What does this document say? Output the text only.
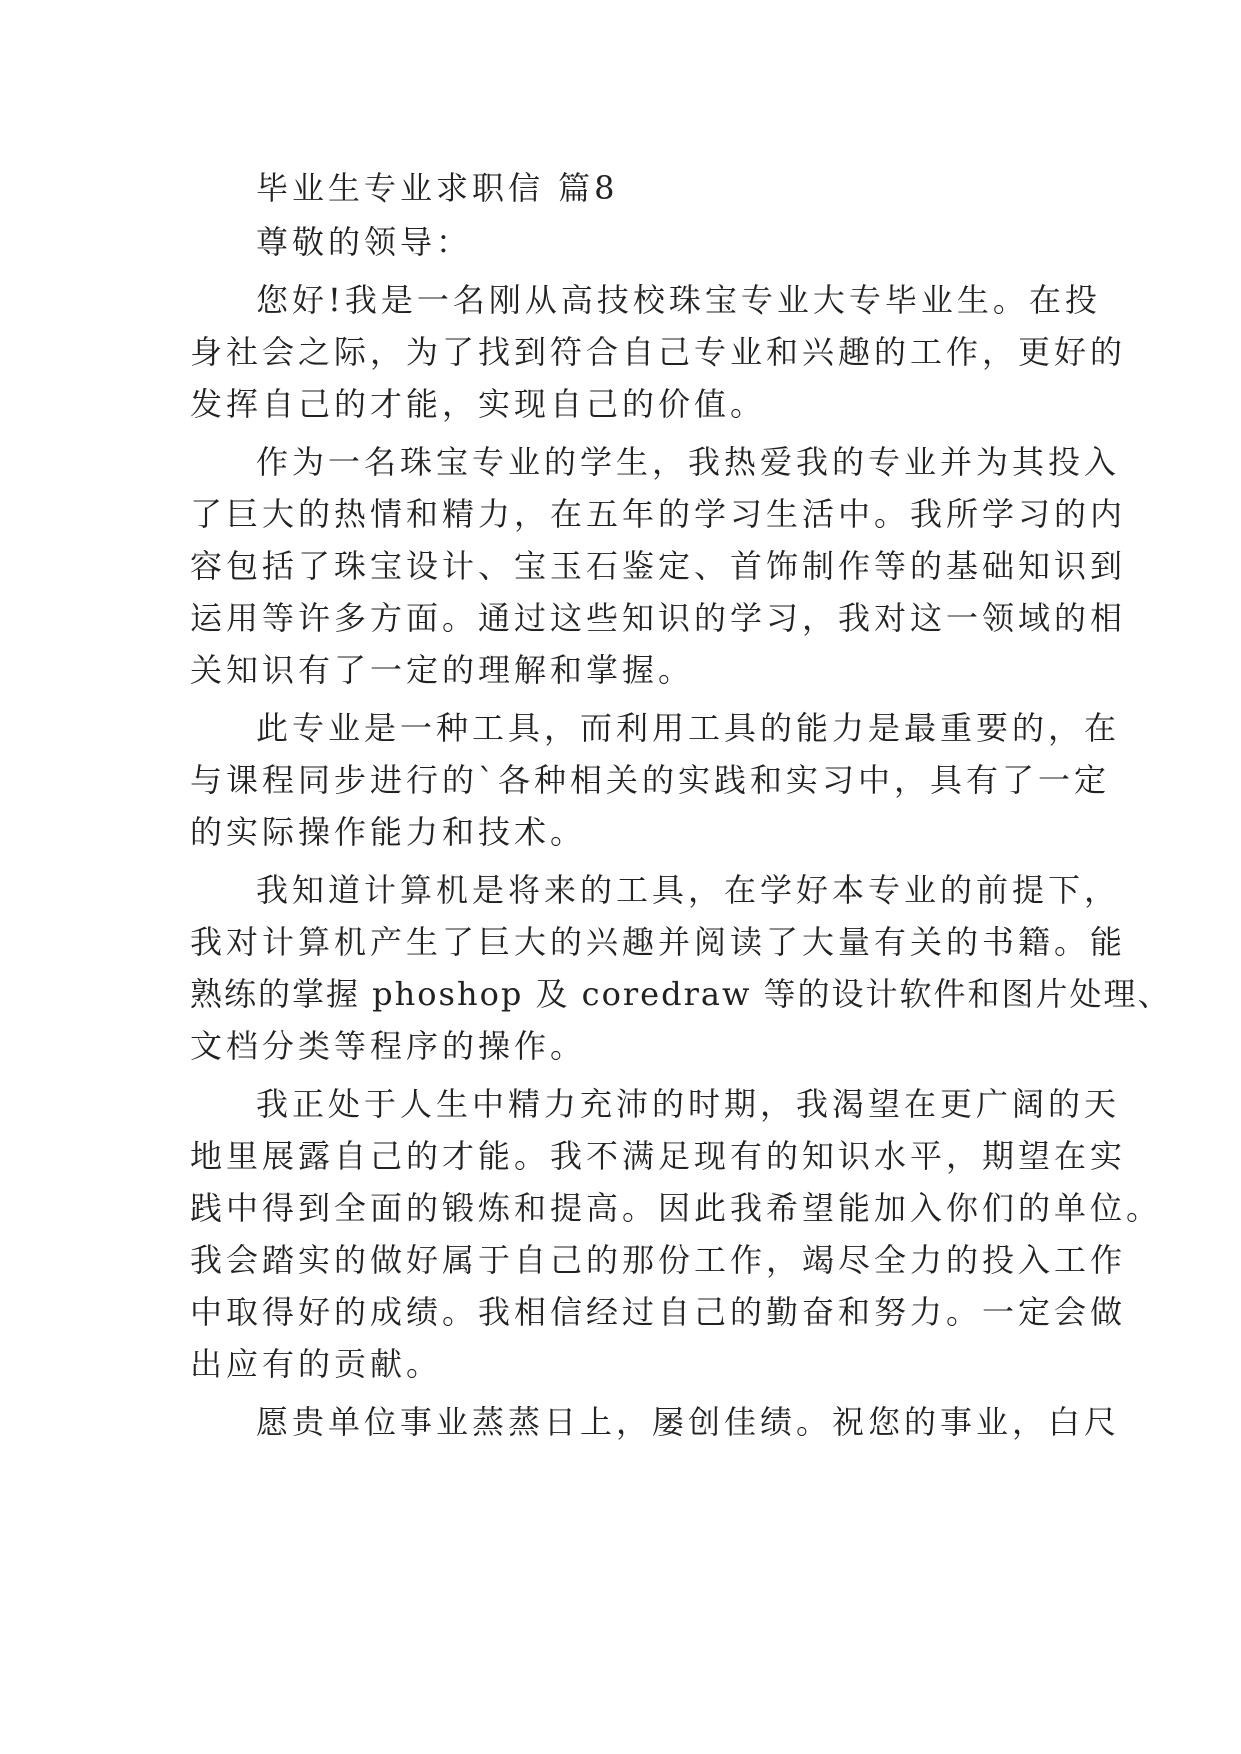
毕业生专业求职信 篇8
尊敬的领导：
您好!我是一名刚从高技校珠宝专业大专毕业生。在投
身社会之际，为了找到符合自己专业和兴趣的工作，更好的
发挥自己的才能，实现自己的价值。
作为一名珠宝专业的学生，我热爱我的专业并为其投入
了巨大的热情和精力，在五年的学习生活中。我所学习的内
容包括了珠宝设计、宝玉石鉴定、首饰制作等的基础知识到
运用等许多方面。通过这些知识的学习，我对这一领域的相
关知识有了一定的理解和掌握。
此专业是一种工具，而利用工具的能力是最重要的，在
与课程同步进行的`各种相关的实践和实习中，具有了一定
的实际操作能力和技术。
我知道计算机是将来的工具，在学好本专业的前提下，
我对计算机产生了巨大的兴趣并阅读了大量有关的书籍。能
熟练的掌握 phoshop 及 coredraw 等的设计软件和图片处理、
文档分类等程序的操作。
我正处于人生中精力充沛的时期，我渴望在更广阔的天
地里展露自己的才能。我不满足现有的知识水平，期望在实
践中得到全面的锻炼和提高。因此我希望能加入你们的单位。
我会踏实的做好属于自己的那份工作，竭尽全力的投入工作
中取得好的成绩。我相信经过自己的勤奋和努力。一定会做
出应有的贡献。
愿贵单位事业蒸蒸日上，屡创佳绩。祝您的事业，白尺
